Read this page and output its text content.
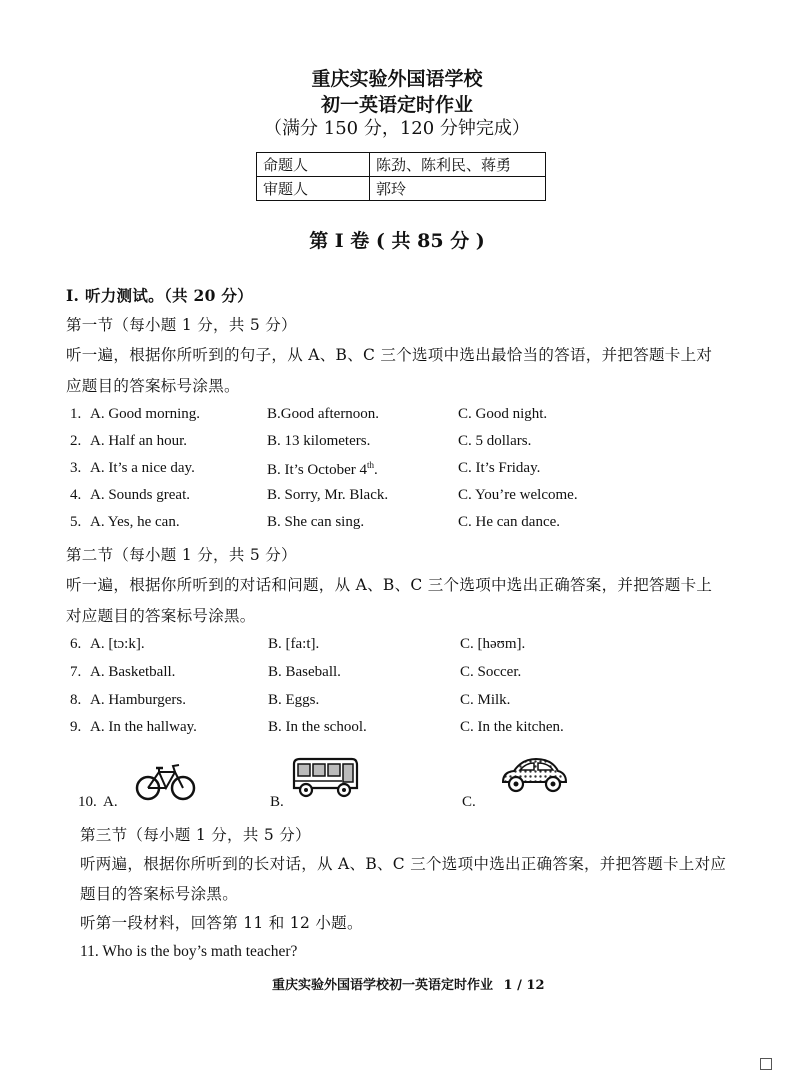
重庆实验外国语学校
初一英语定时作业
（满分 150 分，120 分钟完成）
命题人	陈劲、陈利民、蒋勇
审题人	郭玲
第 I 卷 ( 共 85 分 )
I. 听力测试。（共 20 分）
第一节（每小题 1 分，共 5 分）
听一遍，根据你所听到的句子，从 A、B、C 三个选项中选出最恰当的答语，并把答题卡上对
应题目的答案标号涂黑。
1. A. Good morning.	B.Good afternoon.	C. Good night.
2. A. Half an hour.	B. 13 kilometers.	C. 5 dollars.
3. A. It’s a nice day.	B. It’s October 4th.	C. It’s Friday.
4. A. Sounds great.	B. Sorry, Mr. Black.	C. You’re welcome.
5. A. Yes, he can.	B. She can sing.	C. He can dance.
第二节（每小题 1 分，共 5 分）
听一遍，根据你所听到的对话和问题，从 A、B、C 三个选项中选出正确答案，并把答题卡上
对应题目的答案标号涂黑。
6. A. [tɔ:k].	B. [fa:t].	C. [həʊm].
7. A. Basketball.	B. Baseball.	C. Soccer.
8. A. Hamburgers.	B. Eggs.	C. Milk.
9. A. In the hallway.	B. In the school.	C. In the kitchen.
10. A.	B.	C.
第三节（每小题 1 分，共 5 分）
听两遍，根据你所听到的长对话，从 A、B、C 三个选项中选出正确答案，并把答题卡上对应
题目的答案标号涂黑。
听第一段材料，回答第 11 和 12 小题。
11. Who is the boy’s math teacher?
重庆实验外国语学校初一英语定时作业 1 / 12
